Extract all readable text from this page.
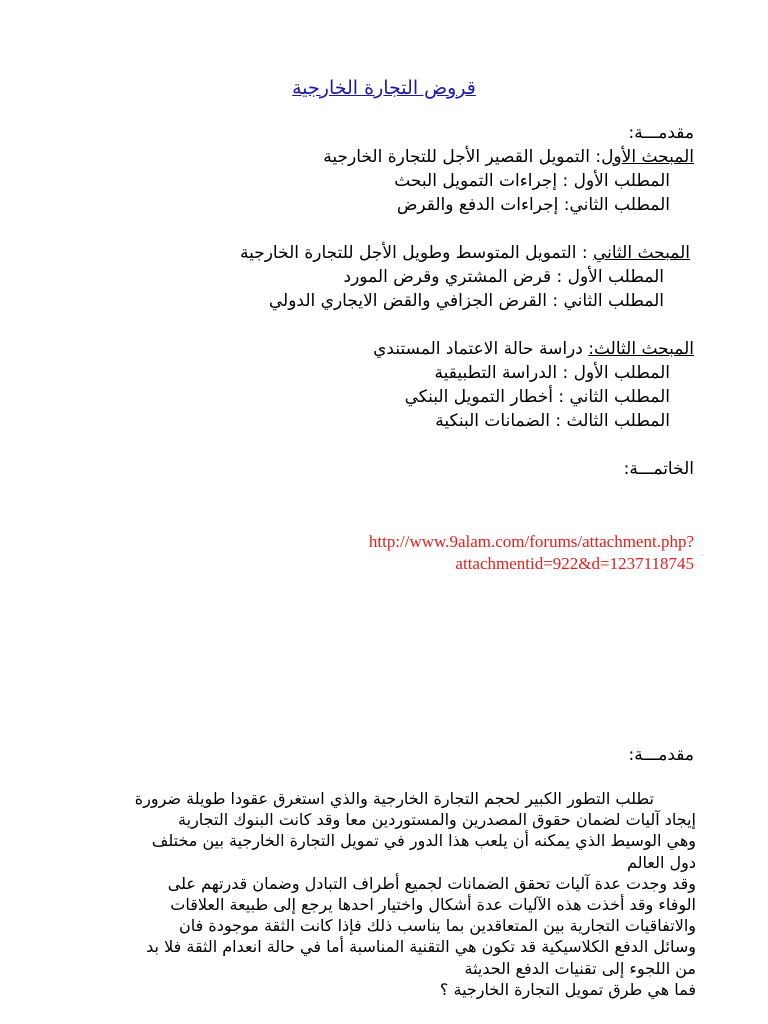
قروض التجارة الخارجية
مقدمـــة:
المبحث الأول: التمويل القصير الأجل للتجارة الخارجية
المطلب الأول : إجراءات التمويل البحث
المطلب الثاني: إجراءات الدفع والقرض
المبحث الثاني : التمويل المتوسط وطويل الأجل للتجارة الخارجية
المطلب الأول : قرض المشتري وقرض المورد
المطلب الثاني : القرض الجزافي والقض الايجاري الدولي
المبحث الثالث: دراسة حالة الاعتماد المستندي
المطلب الأول : الدراسة التطبيقية
المطلب الثاني : أخطار التمويل البنكي
المطلب الثالث : الضمانات البنكية
الخاتمـــة:
http://www.9alam.com/forums/attachment.php?
attachmentid=922&d=1237118745
مقدمـــة:
تطلب التطور الكبير لحجم التجارة الخارجية والذي استغرق عقودا طويلة ضرورة
إيجاد آليات لضمان حقوق المصدرين والمستوردين معا وقد كانت البنوك التجارية
وهي الوسيط الذي يمكنه أن يلعب هذا الدور في تمويل التجارة الخارجية بين مختلف
دول العالم
وقد وجدت عدة آليات تحقق الضمانات لجميع أطراف التبادل وضمان قدرتهم على
الوفاء وقد أخذت هذه الآليات عدة أشكال واختيار احدها يرجع إلى طبيعة العلاقات
والاتفاقيات التجارية بين المتعاقدين بما يناسب ذلك فإذا كانت الثقة موجودة فان
وسائل الدفع الكلاسيكية قد تكون هي التقنية المناسبة أما في حالة انعدام الثقة فلا بد
من اللجوء إلى تقنيات الدفع الحديثة
فما هي طرق تمويل التجارة الخارجية ؟
